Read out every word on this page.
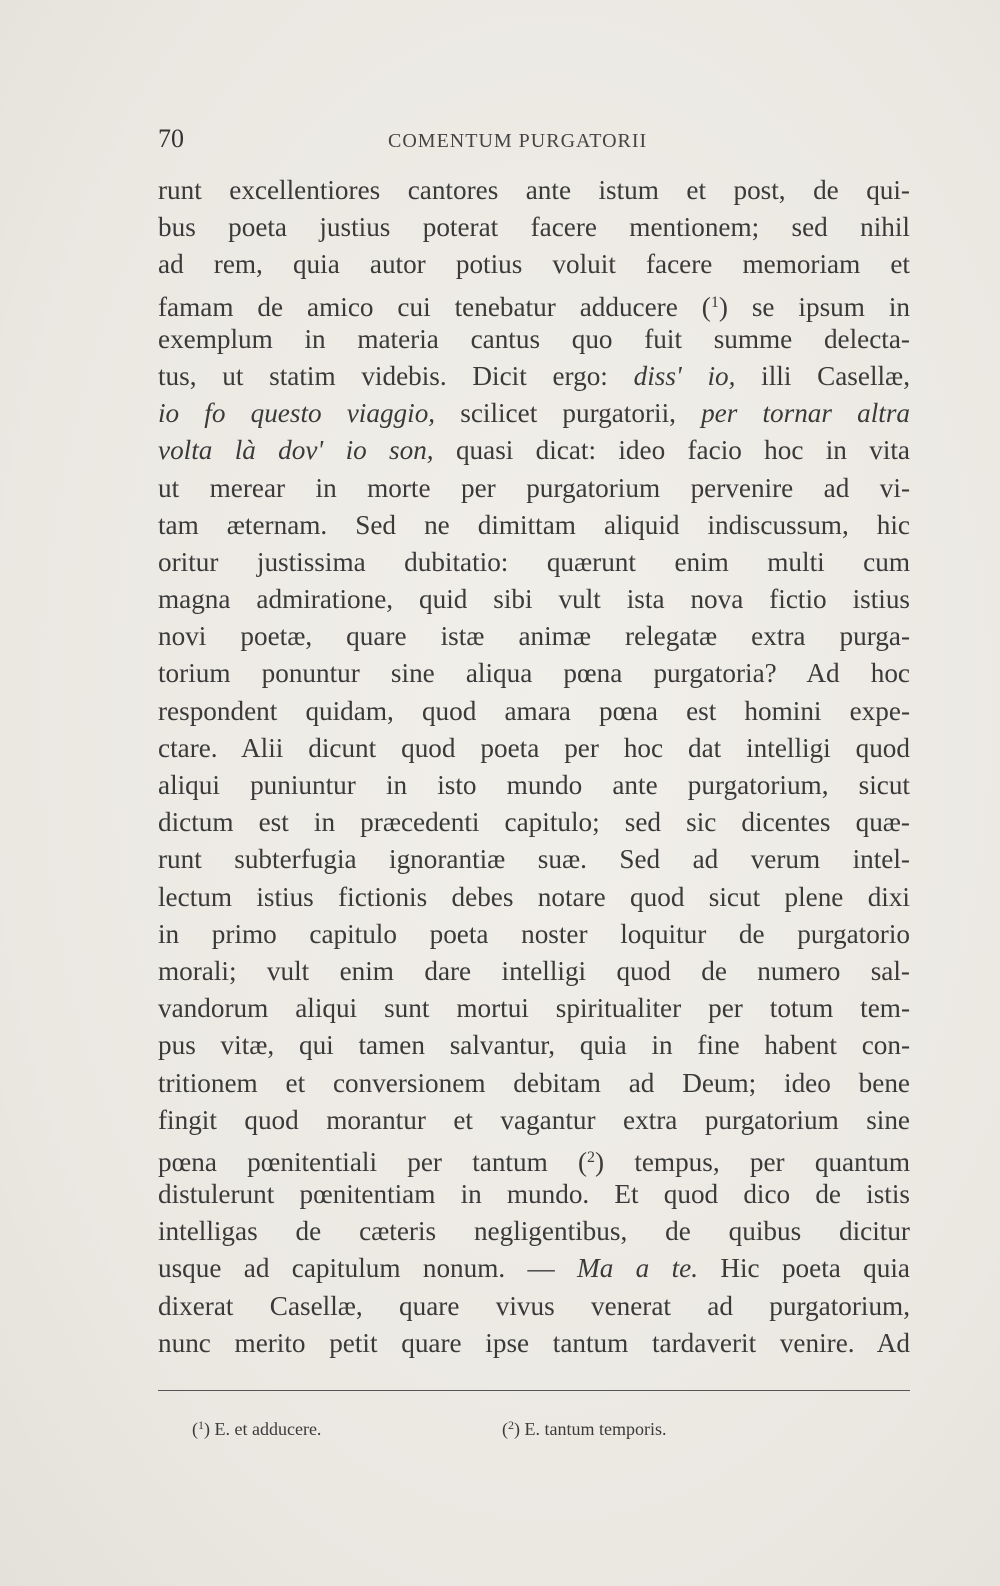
70	COMENTUM PURGATORII
runt excellentiores cantores ante istum et post, de qui-
bus poeta justius poterat facere mentionem; sed nihil
ad rem, quia autor potius voluit facere memoriam et
famam de amico cui tenebatur adducere ($^1$) se ipsum in
exemplum in materia cantus quo fuit summe delecta-
tus, ut statim videbis. Dicit ergo: diss' io, illi Casellæ,
io fo questo viaggio, scilicet purgatorii, per tornar altra
volta là dov' io son, quasi dicat: ideo facio hoc in vita
ut merear in morte per purgatorium pervenire ad vi-
tam æternam. Sed ne dimittam aliquid indiscussum, hic
oritur justissima dubitatio: quærunt enim multi cum
magna admiratione, quid sibi vult ista nova fictio istius
novi poetæ, quare istæ animæ relegatæ extra purga-
torium ponuntur sine aliqua pœna purgatoria? Ad hoc
respondent quidam, quod amara pœna est homini expe-
ctare. Alii dicunt quod poeta per hoc dat intelligi quod
aliqui puniuntur in isto mundo ante purgatorium, sicut
dictum est in præcedenti capitulo; sed sic dicentes quæ-
runt subterfugia ignorantiæ suæ. Sed ad verum intel-
lectum istius fictionis debes notare quod sicut plene dixi
in primo capitulo poeta noster loquitur de purgatorio
morali; vult enim dare intelligi quod de numero sal-
vandorum aliqui sunt mortui spiritualiter per totum tem-
pus vitæ, qui tamen salvantur, quia in fine habent con-
tritionem et conversionem debitam ad Deum; ideo bene
fingit quod morantur et vagantur extra purgatorium sine
pœna pœnitentiali per tantum ($^2$) tempus, per quantum
distulerunt pœnitentiam in mundo. Et quod dico de istis
intelligas de cæteris negligentibus, de quibus dicitur
usque ad capitulum nonum. — Ma a te. Hic poeta quia
dixerat Casellæ, quare vivus venerat ad purgatorium,
nunc merito petit quare ipse tantum tardaverit venire. Ad
($^1$) E. et adducere.	($^2$) E. tantum temporis.
